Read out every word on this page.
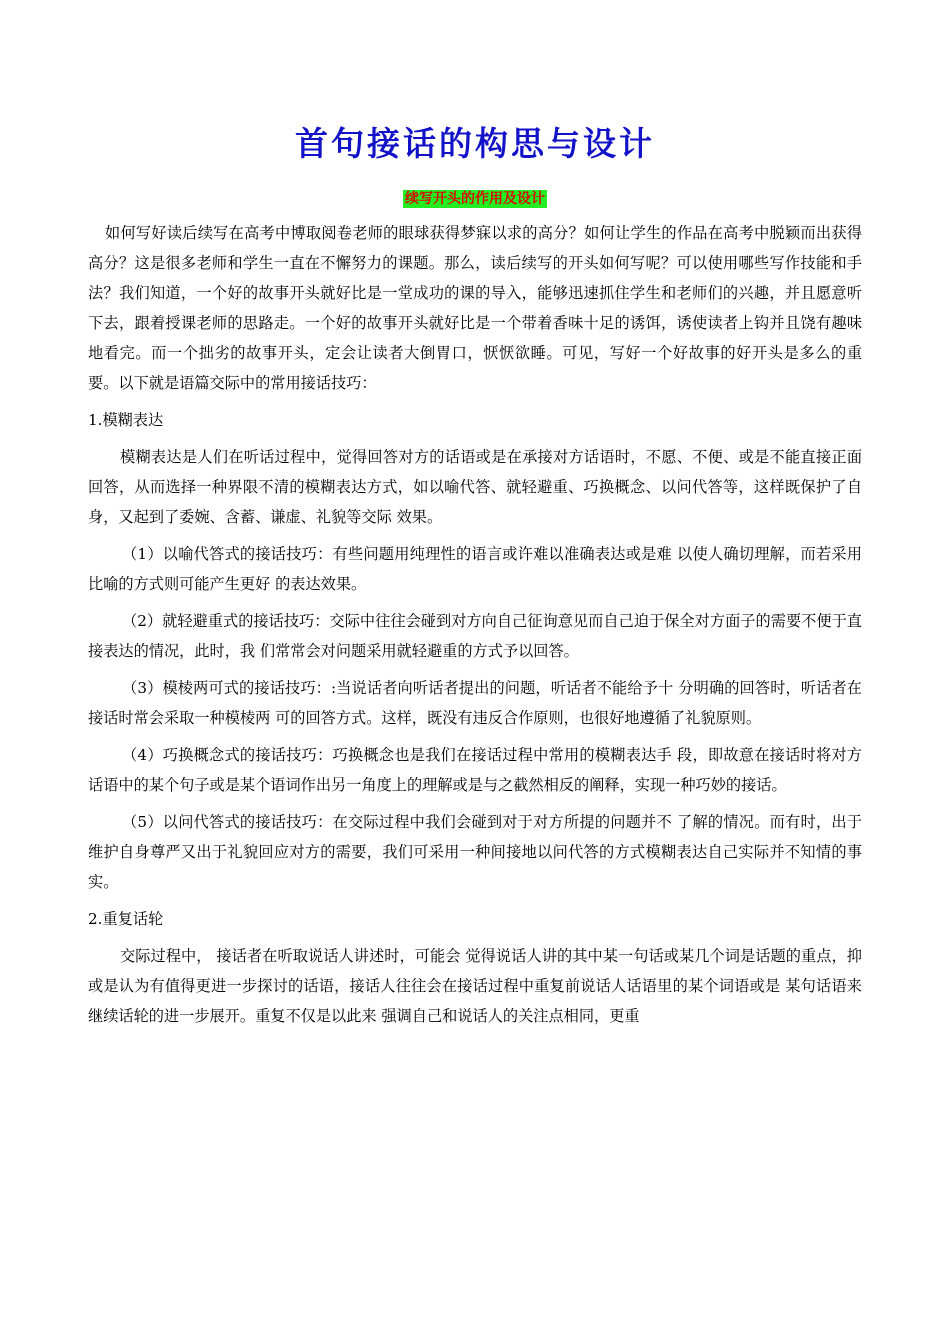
首句接话的构思与设计
续写开头的作用及设计

如何写好读后续写在高考中博取阅卷老师的眼球获得梦寐以求的高分？如何让学生的作品在高考中脱颖而出获得高分？这是很多老师和学生一直在不懈努力的课题。那么，读后续写的开头如何写呢？可以使用哪些写作技能和手法？我们知道，一个好的故事开头就好比是一堂成功的课的导入，能够迅速抓住学生和老师们的兴趣，并且愿意听下去，跟着授课老师的思路走。一个好的故事开头就好比是一个带着香味十足的诱饵，诱使读者上钩并且饶有趣味地看完。而一个拙劣的故事开头，定会让读者大倒胃口，恹恹欲睡。可见，写好一个好故事的好开头是多么的重要。以下就是语篇交际中的常用接话技巧：

1.模糊表达

模糊表达是人们在听话过程中，觉得回答对方的话语或是在承接对方话语时，不愿、不便、或是不能直接正面回答，从而选择一种界限不清的模糊表达方式，如以喻代答、就轻避重、巧换概念、以问代答等，这样既保护了自身，又起到了委婉、含蓄、谦虚、礼貌等交际 效果。

（1）以喻代答式的接话技巧：有些问题用纯理性的语言或许难以准确表达或是难 以使人确切理解，而若采用比喻的方式则可能产生更好 的表达效果。

（2）就轻避重式的接话技巧：交际中往往会碰到对方向自己征询意见而自己迫于保全对方面子的需要不便于直接表达的情况，此时，我 们常常会对问题采用就轻避重的方式予以回答。

（3）模棱两可式的接话技巧：:当说话者向听话者提出的问题，听话者不能给予十 分明确的回答时，听话者在接话时常会采取一种模棱两 可的回答方式。这样，既没有违反合作原则，也很好地遵循了礼貌原则。

（4）巧换概念式的接话技巧：巧换概念也是我们在接话过程中常用的模糊表达手 段，即故意在接话时将对方话语中的某个句子或是某个语词作出另一角度上的理解或是与之截然相反的阐释，实现一种巧妙的接话。

（5）以问代答式的接话技巧：在交际过程中我们会碰到对于对方所提的问题并不 了解的情况。而有时，出于维护自身尊严又出于礼貌回应对方的需要，我们可采用一种间接地以问代答的方式模糊表达自己实际并不知情的事实。

2.重复话轮

交际过程中， 接话者在听取说话人讲述时，可能会 觉得说话人讲的其中某一句话或某几个词是话题的重点，抑或是认为有值得更进一步探讨的话语，接话人往往会在接话过程中重复前说话人话语里的某个词语或是 某句话语来继续话轮的进一步展开。重复不仅是以此来 强调自己和说话人的关注点相同，更重
